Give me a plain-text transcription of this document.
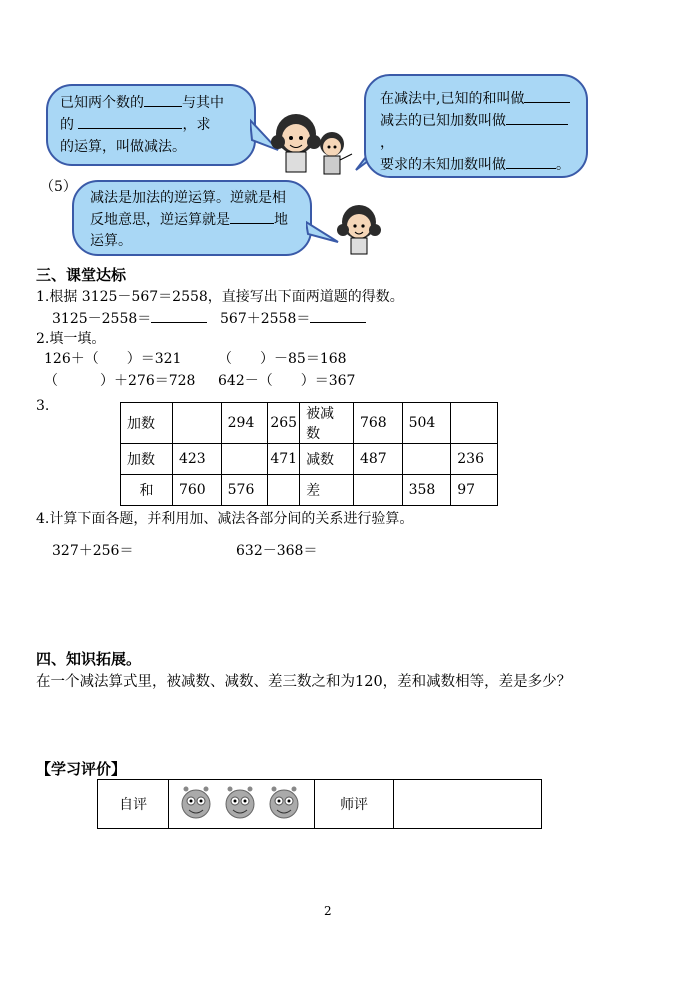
已知两个数的	与其中
的	，求
的运算，叫做减法。
在减法中,已知的和叫做
减去的已知加数叫做，
要求的未知加数叫做	。
（5）
减法是加法的逆运算。逆就是相
反地意思，逆运算就是	地
运算。
三、课堂达标
1.根据 3125－567＝2558，直接写出下面两道题的得数。
3125－2558＝	567＋2558＝
2.填一填。
126＋（　　）＝321	（　　）－85＝168
（　　　）＋276＝728 642－（　　）＝367
3.
加数		294	265	被减数	768	504	
加数	423		471	减数	487		236
和	760	576		差		358	97
4.计算下面各题，并利用加、减法各部分间的关系进行验算。
327＋256＝	632－368＝
四、知识拓展。
在一个减法算式里，被减数、减数、差三数之和为120，差和减数相等，差是多少？
【学习评价】
自评		师评	
2
